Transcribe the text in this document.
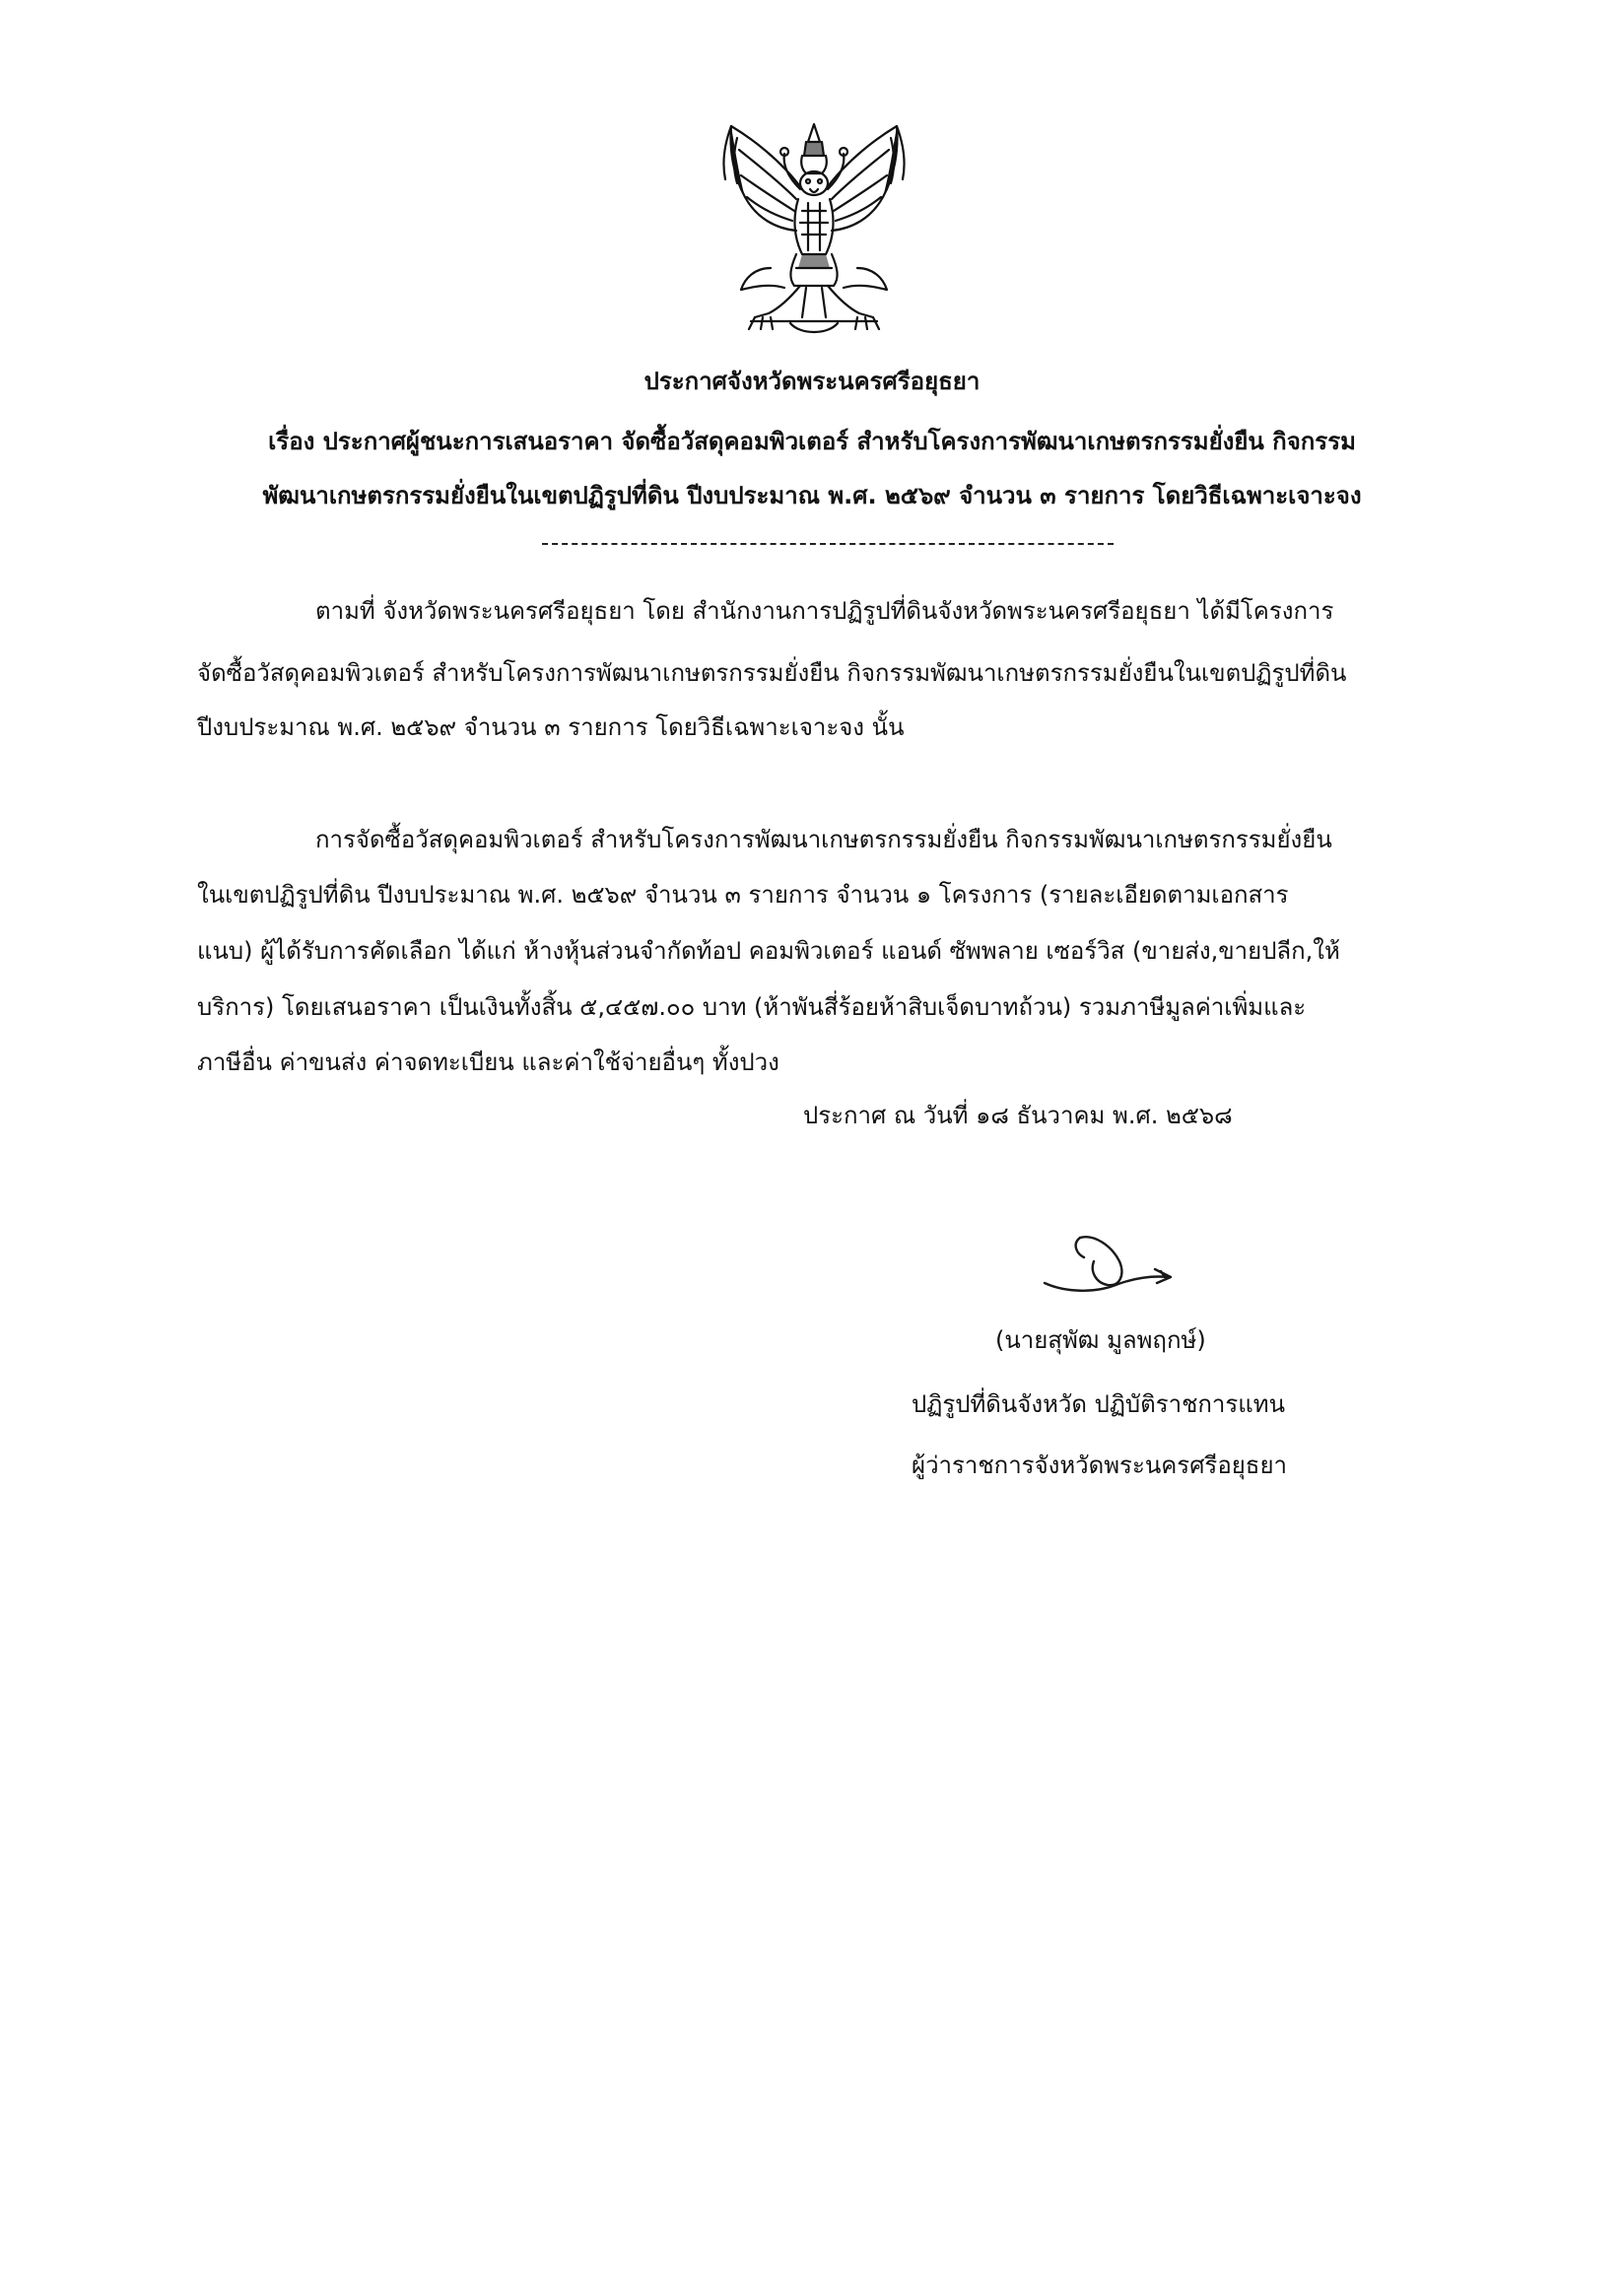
ประกาศจังหวัดพระนครศรีอยุธยา
เรื่อง ประกาศผู้ชนะการเสนอราคา จัดซื้อวัสดุคอมพิวเตอร์ สำหรับโครงการพัฒนาเกษตรกรรมยั่งยืน กิจกรรม
พัฒนาเกษตรกรรมยั่งยืนในเขตปฏิรูปที่ดิน ปีงบประมาณ พ.ศ. ๒๕๖๙ จำนวน ๓ รายการ โดยวิธีเฉพาะเจาะจง
ตามที่ จังหวัดพระนครศรีอยุธยา โดย สำนักงานการปฏิรูปที่ดินจังหวัดพระนครศรีอยุธยา ได้มีโครงการ
จัดซื้อวัสดุคอมพิวเตอร์ สำหรับโครงการพัฒนาเกษตรกรรมยั่งยืน กิจกรรมพัฒนาเกษตรกรรมยั่งยืนในเขตปฏิรูปที่ดิน
ปีงบประมาณ พ.ศ. ๒๕๖๙ จำนวน ๓ รายการ โดยวิธีเฉพาะเจาะจง นั้น
การจัดซื้อวัสดุคอมพิวเตอร์ สำหรับโครงการพัฒนาเกษตรกรรมยั่งยืน กิจกรรมพัฒนาเกษตรกรรมยั่งยืน
ในเขตปฏิรูปที่ดิน ปีงบประมาณ พ.ศ. ๒๕๖๙ จำนวน ๓ รายการ จำนวน ๑ โครงการ (รายละเอียดตามเอกสาร
แนบ) ผู้ได้รับการคัดเลือก ได้แก่ ห้างหุ้นส่วนจำกัดท้อป คอมพิวเตอร์ แอนด์ ซัพพลาย เซอร์วิส (ขายส่ง,ขายปลีก,ให้
บริการ) โดยเสนอราคา เป็นเงินทั้งสิ้น ๕,๔๕๗.๐๐ บาท (ห้าพันสี่ร้อยห้าสิบเจ็ดบาทถ้วน) รวมภาษีมูลค่าเพิ่มและ
ภาษีอื่น ค่าขนส่ง ค่าจดทะเบียน และค่าใช้จ่ายอื่นๆ ทั้งปวง
ประกาศ ณ วันที่ ๑๘ ธันวาคม พ.ศ. ๒๕๖๘
(นายสุพัฒ มูลพฤกษ์)
ปฏิรูปที่ดินจังหวัด ปฏิบัติราชการแทน
ผู้ว่าราชการจังหวัดพระนครศรีอยุธยา
